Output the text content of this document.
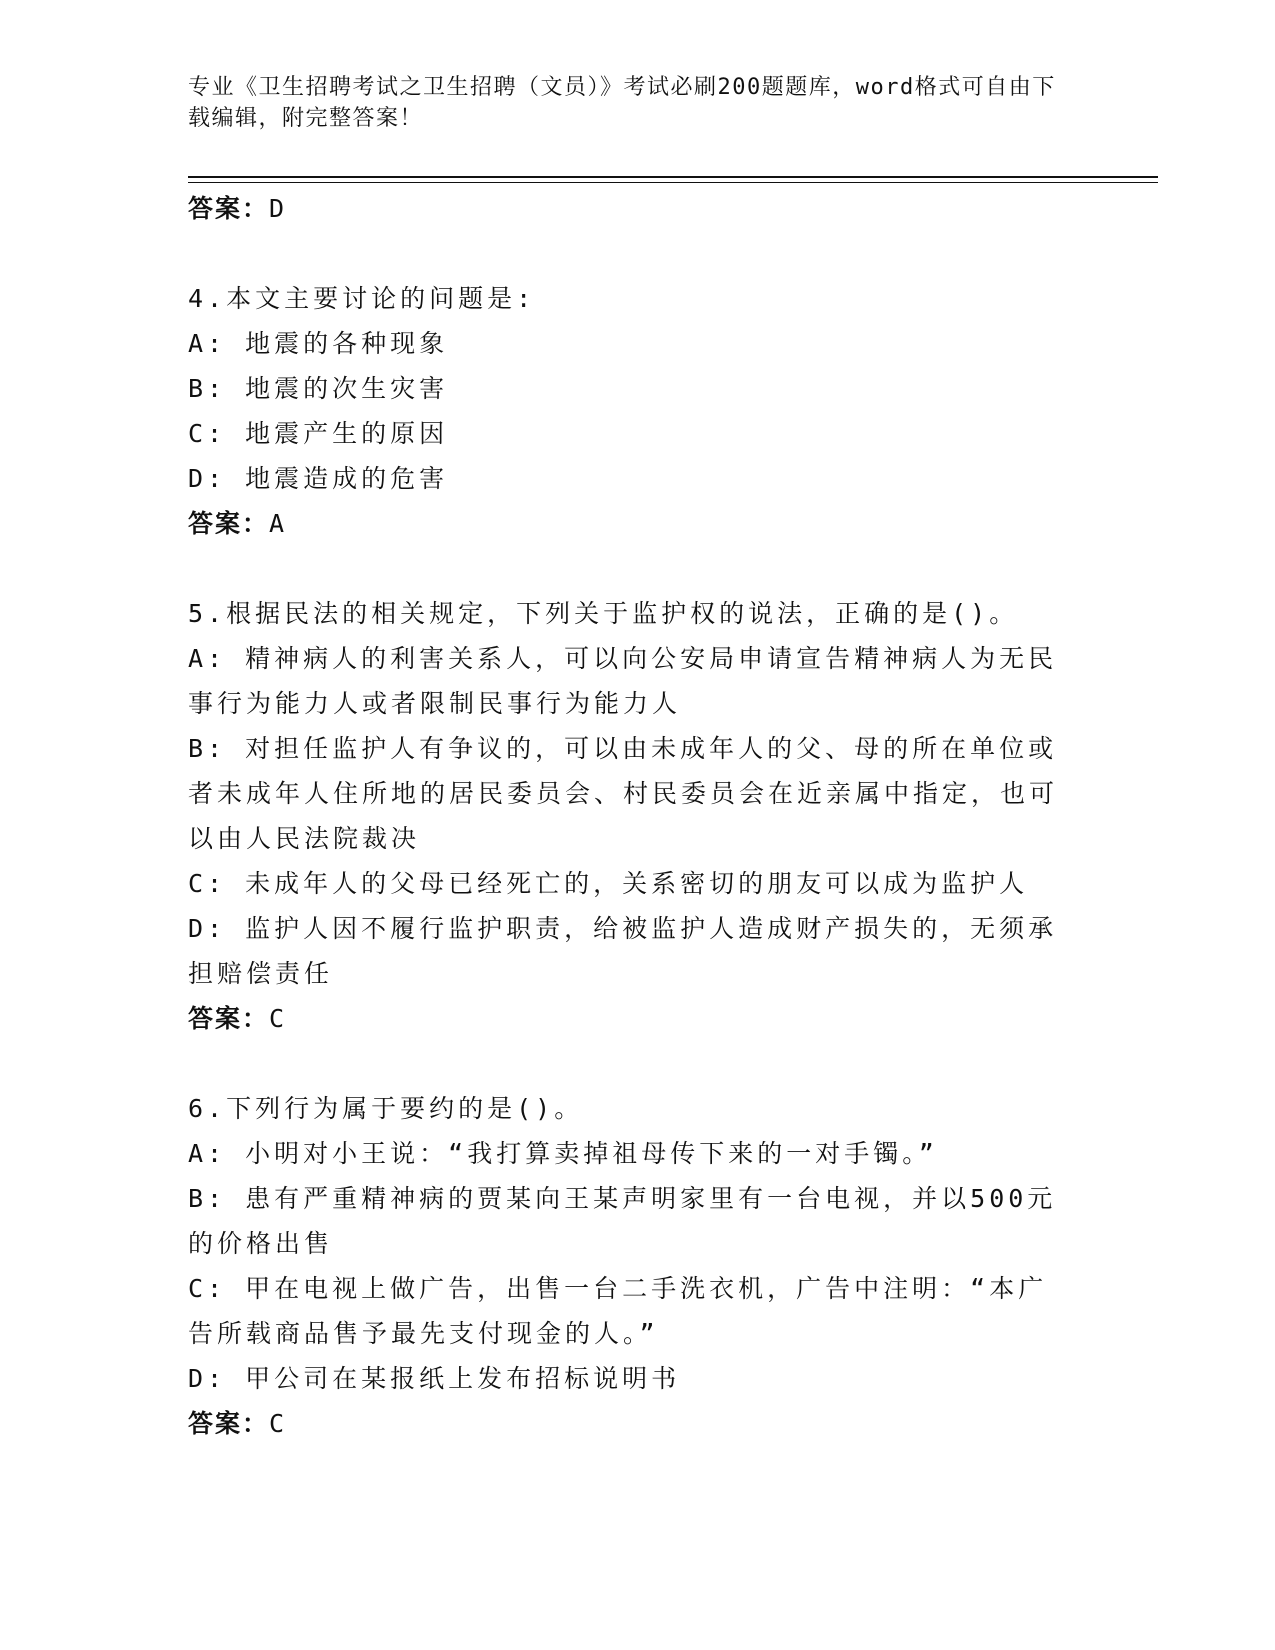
专业《卫生招聘考试之卫生招聘（文员）》考试必刷200题题库，word格式可自由下载编辑，附完整答案！
答案：D
4.本文主要讨论的问题是:
A: 地震的各种现象
B: 地震的次生灾害
C: 地震产生的原因
D: 地震造成的危害
答案：A
5.根据民法的相关规定，下列关于监护权的说法，正确的是()。
A: 精神病人的利害关系人，可以向公安局申请宣告精神病人为无民事行为能力人或者限制民事行为能力人
B: 对担任监护人有争议的，可以由未成年人的父、母的所在单位或者未成年人住所地的居民委员会、村民委员会在近亲属中指定，也可以由人民法院裁决
C: 未成年人的父母已经死亡的，关系密切的朋友可以成为监护人
D: 监护人因不履行监护职责，给被监护人造成财产损失的，无须承担赔偿责任
答案：C
6.下列行为属于要约的是()。
A: 小明对小王说：“我打算卖掉祖母传下来的一对手镯。”
B: 患有严重精神病的贾某向王某声明家里有一台电视，并以500元的价格出售
C: 甲在电视上做广告，出售一台二手洗衣机，广告中注明：“本广告所载商品售予最先支付现金的人。”
D: 甲公司在某报纸上发布招标说明书
答案：C
